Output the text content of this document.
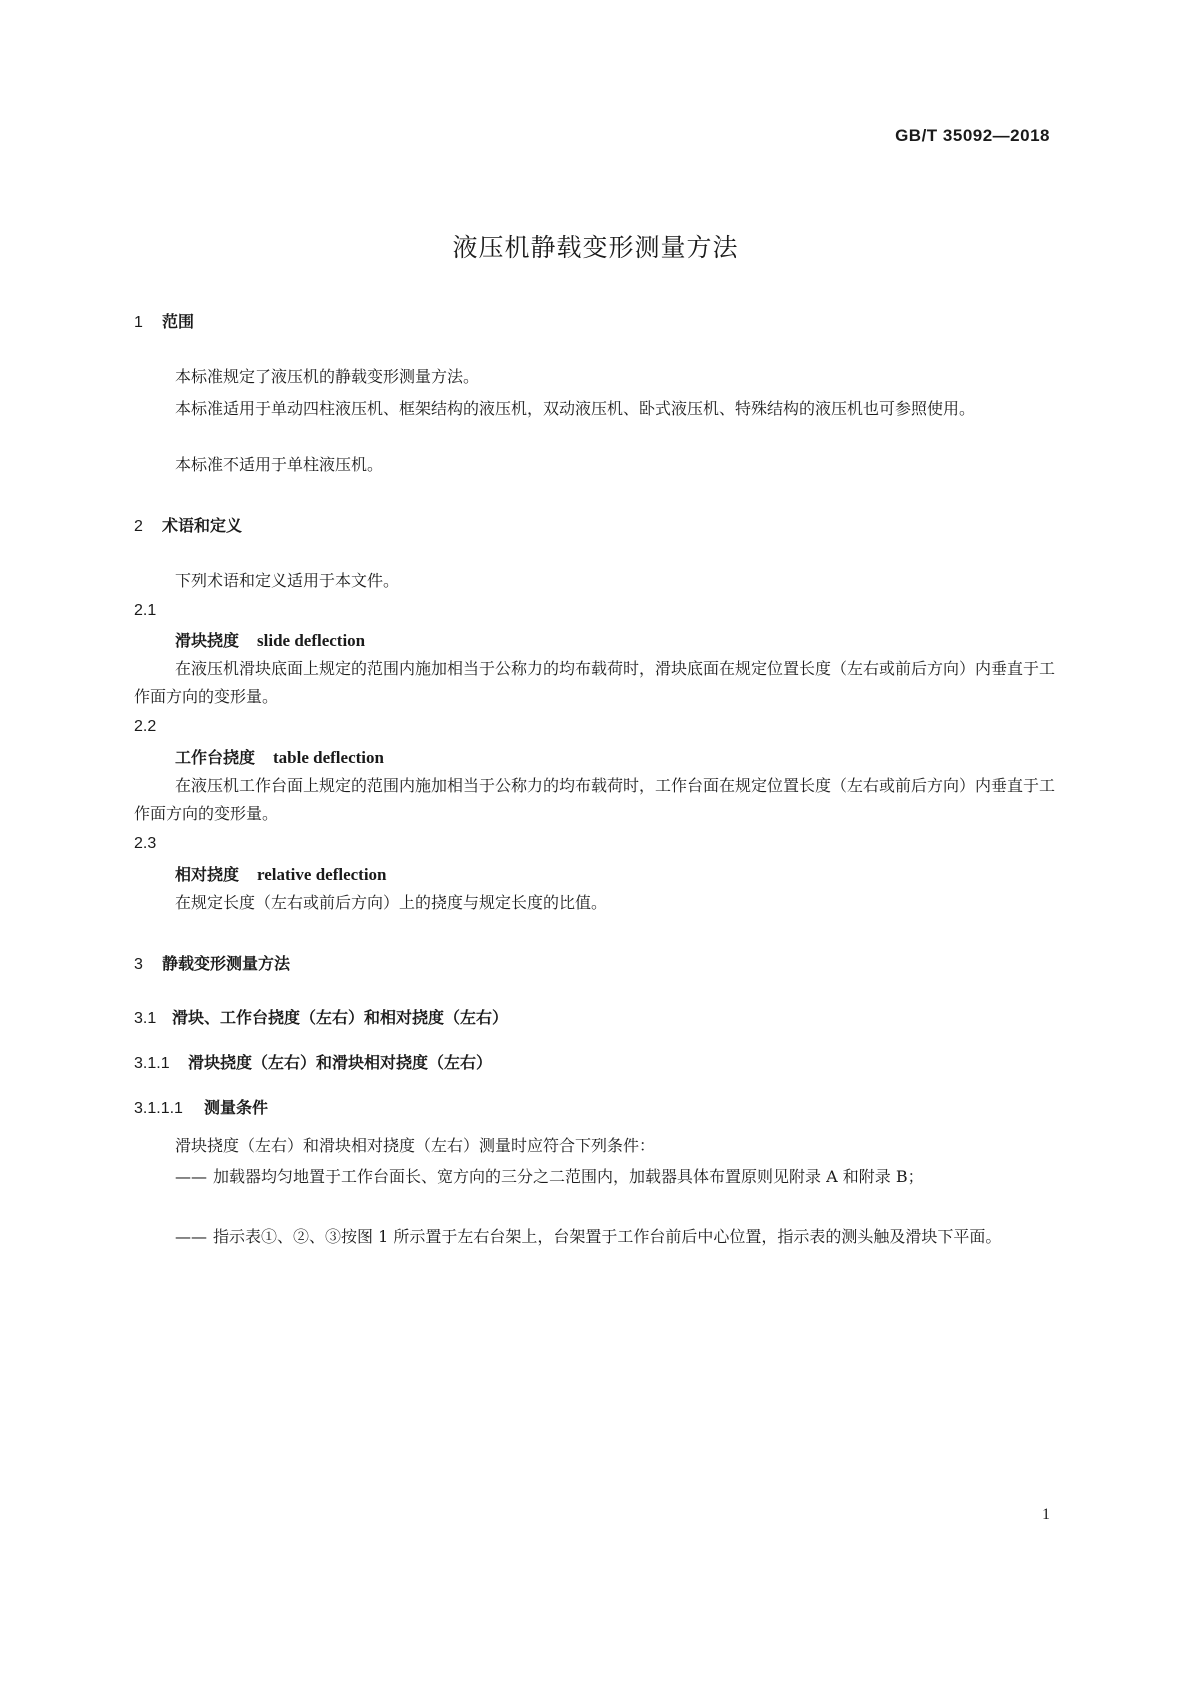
GB/T 35092—2018
液压机静载变形测量方法
1 范围
本标准规定了液压机的静载变形测量方法。
本标准适用于单动四柱液压机、框架结构的液压机，双动液压机、卧式液压机、特殊结构的液压机也可参照使用。
本标准不适用于单柱液压机。
2 术语和定义
下列术语和定义适用于本文件。
2.1
滑块挠度 slide deflection
在液压机滑块底面上规定的范围内施加相当于公称力的均布载荷时，滑块底面在规定位置长度（左右或前后方向）内垂直于工作面方向的变形量。
2.2
工作台挠度 table deflection
在液压机工作台面上规定的范围内施加相当于公称力的均布载荷时，工作台面在规定位置长度（左右或前后方向）内垂直于工作面方向的变形量。
2.3
相对挠度 relative deflection
在规定长度（左右或前后方向）上的挠度与规定长度的比值。
3 静载变形测量方法
3.1 滑块、工作台挠度（左右）和相对挠度（左右）
3.1.1 滑块挠度（左右）和滑块相对挠度（左右）
3.1.1.1 测量条件
滑块挠度（左右）和滑块相对挠度（左右）测量时应符合下列条件：
—— 加载器均匀地置于工作台面长、宽方向的三分之二范围内，加载器具体布置原则见附录 A 和附录 B；
—— 指示表①、②、③按图 1 所示置于左右台架上，台架置于工作台前后中心位置，指示表的测头触及滑块下平面。
1
